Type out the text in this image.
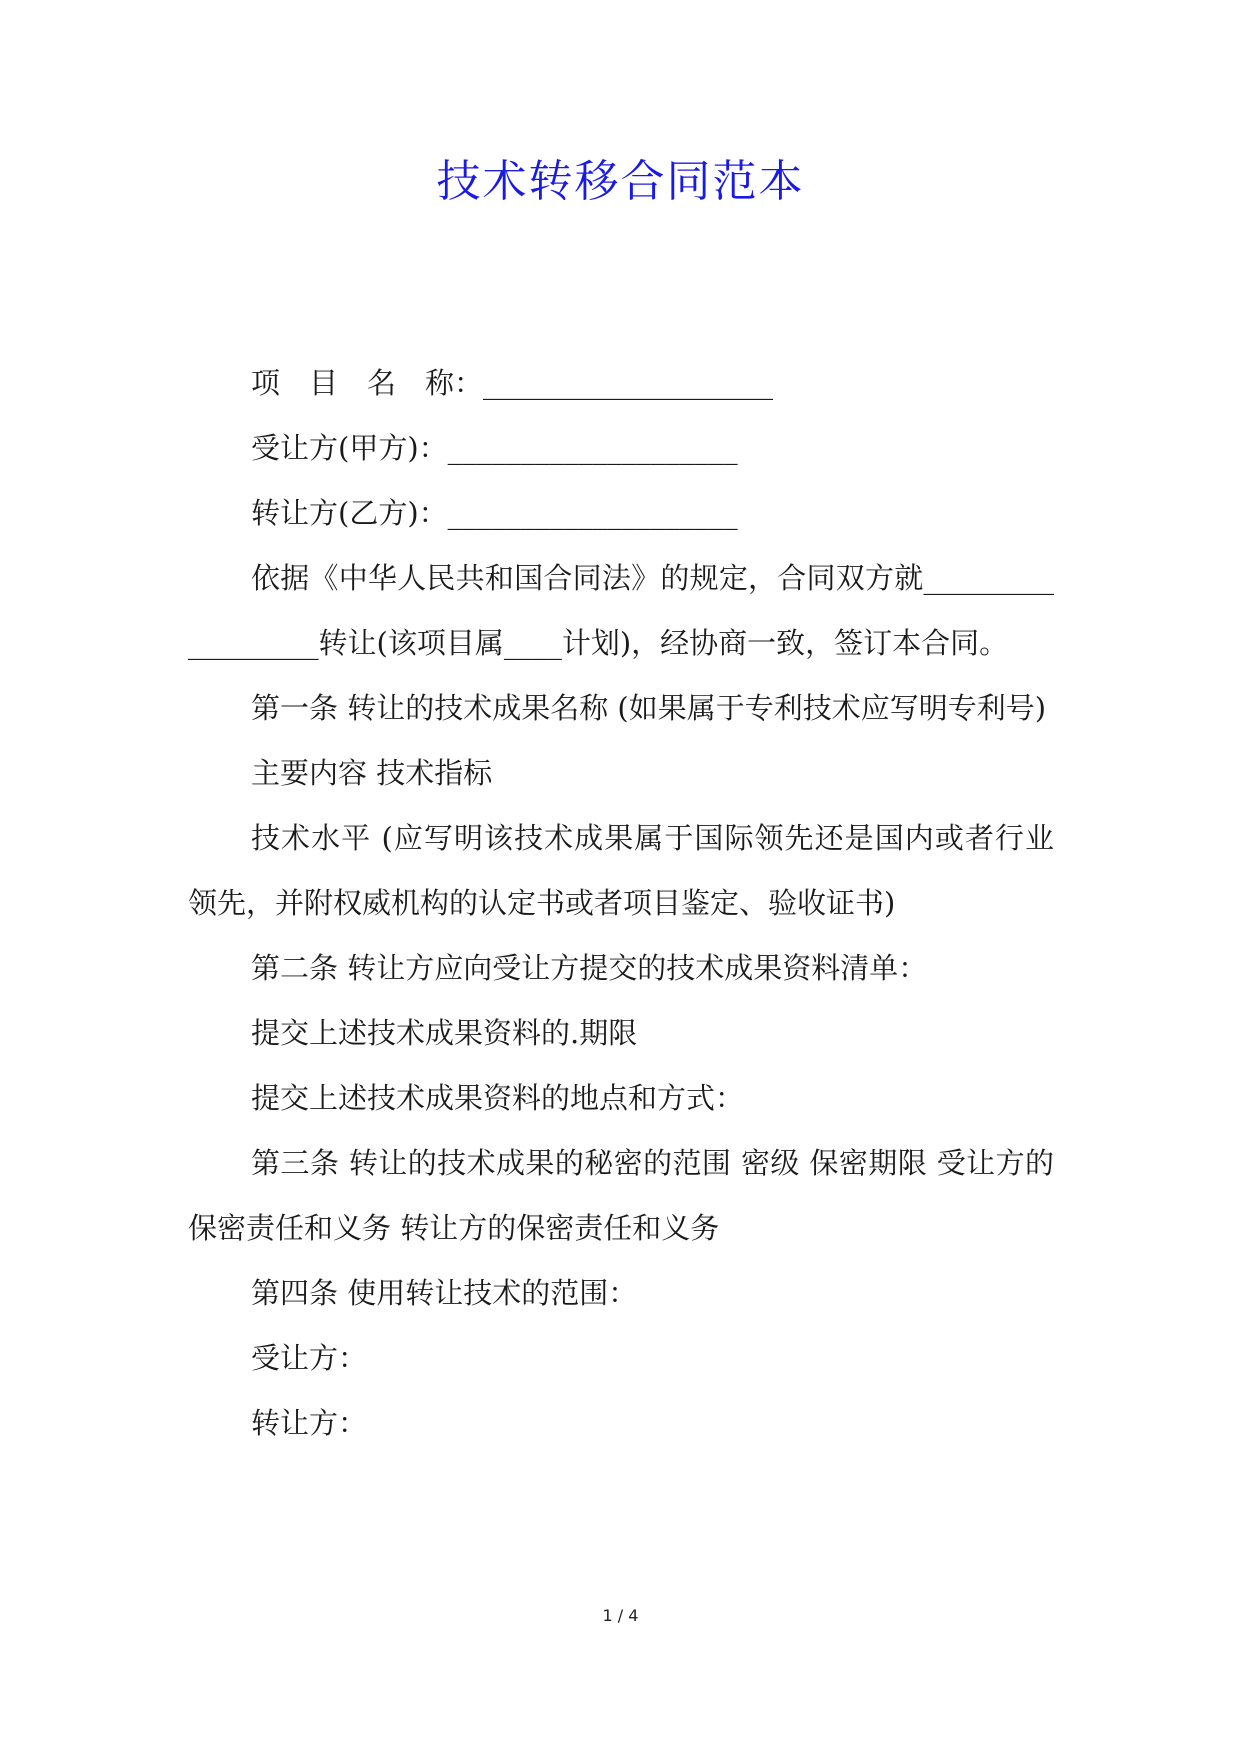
技术转移合同范本

项　目　名　称：____________________

受让方(甲方)：____________________

转让方(乙方)：____________________

依据《中华人民共和国合同法》的规定，合同双方就__________________转让(该项目属____计划)，经协商一致，签订本合同。

第一条 转让的技术成果名称 (如果属于专利技术应写明专利号)

主要内容 技术指标

技术水平 (应写明该技术成果属于国际领先还是国内或者行业领先，并附权威机构的认定书或者项目鉴定、验收证书)

第二条 转让方应向受让方提交的技术成果资料清单：

提交上述技术成果资料的.期限

提交上述技术成果资料的地点和方式：

第三条 转让的技术成果的秘密的范围 密级 保密期限 受让方的保密责任和义务 转让方的保密责任和义务

第四条 使用转让技术的范围：

受让方：

转让方：

1 / 4
